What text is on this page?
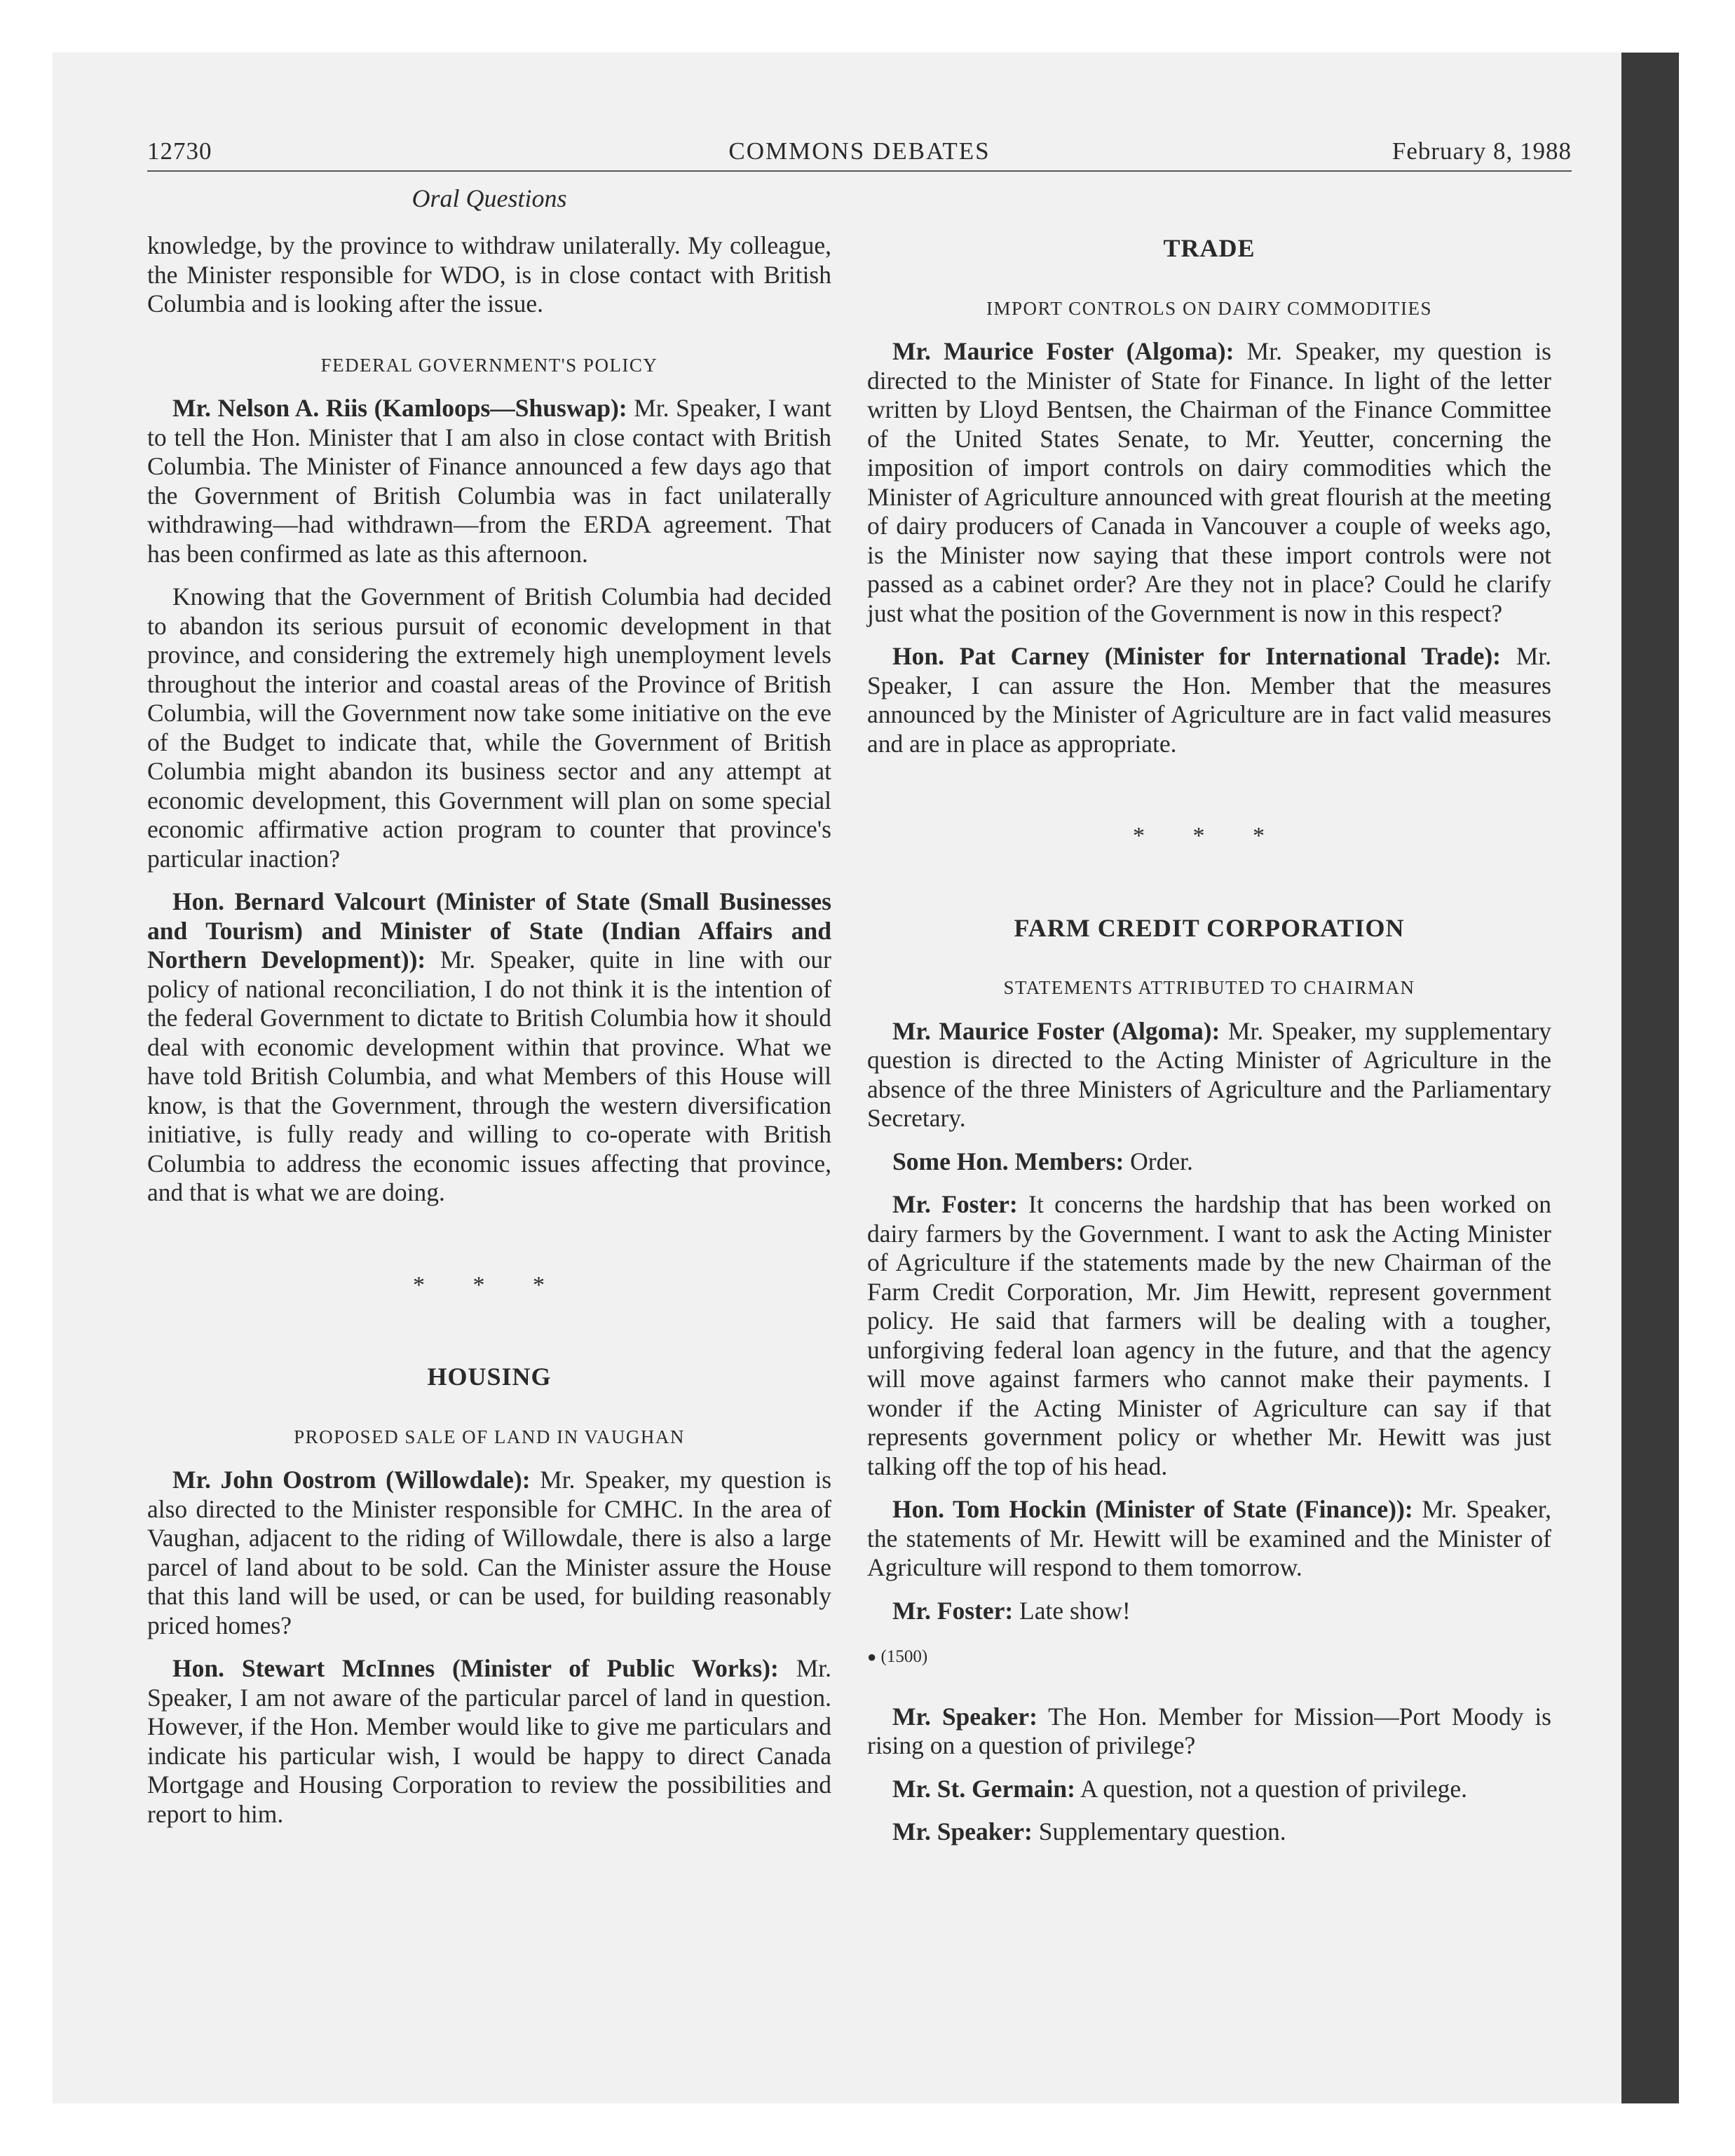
12730	COMMONS DEBATES	February 8, 1988
Oral Questions

knowledge, by the province to withdraw unilaterally. My colleague, the Minister responsible for WDO, is in close contact with British Columbia and is looking after the issue.

FEDERAL GOVERNMENT'S POLICY

Mr. Nelson A. Riis (Kamloops—Shuswap): Mr. Speaker, I want to tell the Hon. Minister that I am also in close contact with British Columbia. The Minister of Finance announced a few days ago that the Government of British Columbia was in fact unilaterally withdrawing—had withdrawn—from the ERDA agreement. That has been confirmed as late as this afternoon.

Knowing that the Government of British Columbia had decided to abandon its serious pursuit of economic development in that province, and considering the extremely high unemployment levels throughout the interior and coastal areas of the Province of British Columbia, will the Government now take some initiative on the eve of the Budget to indicate that, while the Government of British Columbia might abandon its business sector and any attempt at economic development, this Government will plan on some special economic affirmative action program to counter that province's particular inaction?

Hon. Bernard Valcourt (Minister of State (Small Businesses and Tourism) and Minister of State (Indian Affairs and Northern Development)): Mr. Speaker, quite in line with our policy of national reconciliation, I do not think it is the intention of the federal Government to dictate to British Columbia how it should deal with economic development within that province. What we have told British Columbia, and what Members of this House will know, is that the Government, through the western diversification initiative, is fully ready and willing to co-operate with British Columbia to address the economic issues affecting that province, and that is what we are doing.

* * *
HOUSING
PROPOSED SALE OF LAND IN VAUGHAN

Mr. John Oostrom (Willowdale): Mr. Speaker, my question is also directed to the Minister responsible for CMHC. In the area of Vaughan, adjacent to the riding of Willowdale, there is also a large parcel of land about to be sold. Can the Minister assure the House that this land will be used, or can be used, for building reasonably priced homes?

Hon. Stewart McInnes (Minister of Public Works): Mr. Speaker, I am not aware of the particular parcel of land in question. However, if the Hon. Member would like to give me particulars and indicate his particular wish, I would be happy to direct Canada Mortgage and Housing Corporation to review the possibilities and report to him.

TRADE
IMPORT CONTROLS ON DAIRY COMMODITIES

Mr. Maurice Foster (Algoma): Mr. Speaker, my question is directed to the Minister of State for Finance. In light of the letter written by Lloyd Bentsen, the Chairman of the Finance Committee of the United States Senate, to Mr. Yeutter, concerning the imposition of import controls on dairy commodities which the Minister of Agriculture announced with great flourish at the meeting of dairy producers of Canada in Vancouver a couple of weeks ago, is the Minister now saying that these import controls were not passed as a cabinet order? Are they not in place? Could he clarify just what the position of the Government is now in this respect?

Hon. Pat Carney (Minister for International Trade): Mr. Speaker, I can assure the Hon. Member that the measures announced by the Minister of Agriculture are in fact valid measures and are in place as appropriate.

* * *
FARM CREDIT CORPORATION
STATEMENTS ATTRIBUTED TO CHAIRMAN

Mr. Maurice Foster (Algoma): Mr. Speaker, my supplementary question is directed to the Acting Minister of Agriculture in the absence of the three Ministers of Agriculture and the Parliamentary Secretary.

Some Hon. Members: Order.

Mr. Foster: It concerns the hardship that has been worked on dairy farmers by the Government. I want to ask the Acting Minister of Agriculture if the statements made by the new Chairman of the Farm Credit Corporation, Mr. Jim Hewitt, represent government policy. He said that farmers will be dealing with a tougher, unforgiving federal loan agency in the future, and that the agency will move against farmers who cannot make their payments. I wonder if the Acting Minister of Agriculture can say if that represents government policy or whether Mr. Hewitt was just talking off the top of his head.

Hon. Tom Hockin (Minister of State (Finance)): Mr. Speaker, the statements of Mr. Hewitt will be examined and the Minister of Agriculture will respond to them tomorrow.

Mr. Foster: Late show!

● (1500)

Mr. Speaker: The Hon. Member for Mission—Port Moody is rising on a question of privilege?

Mr. St. Germain: A question, not a question of privilege.

Mr. Speaker: Supplementary question.
